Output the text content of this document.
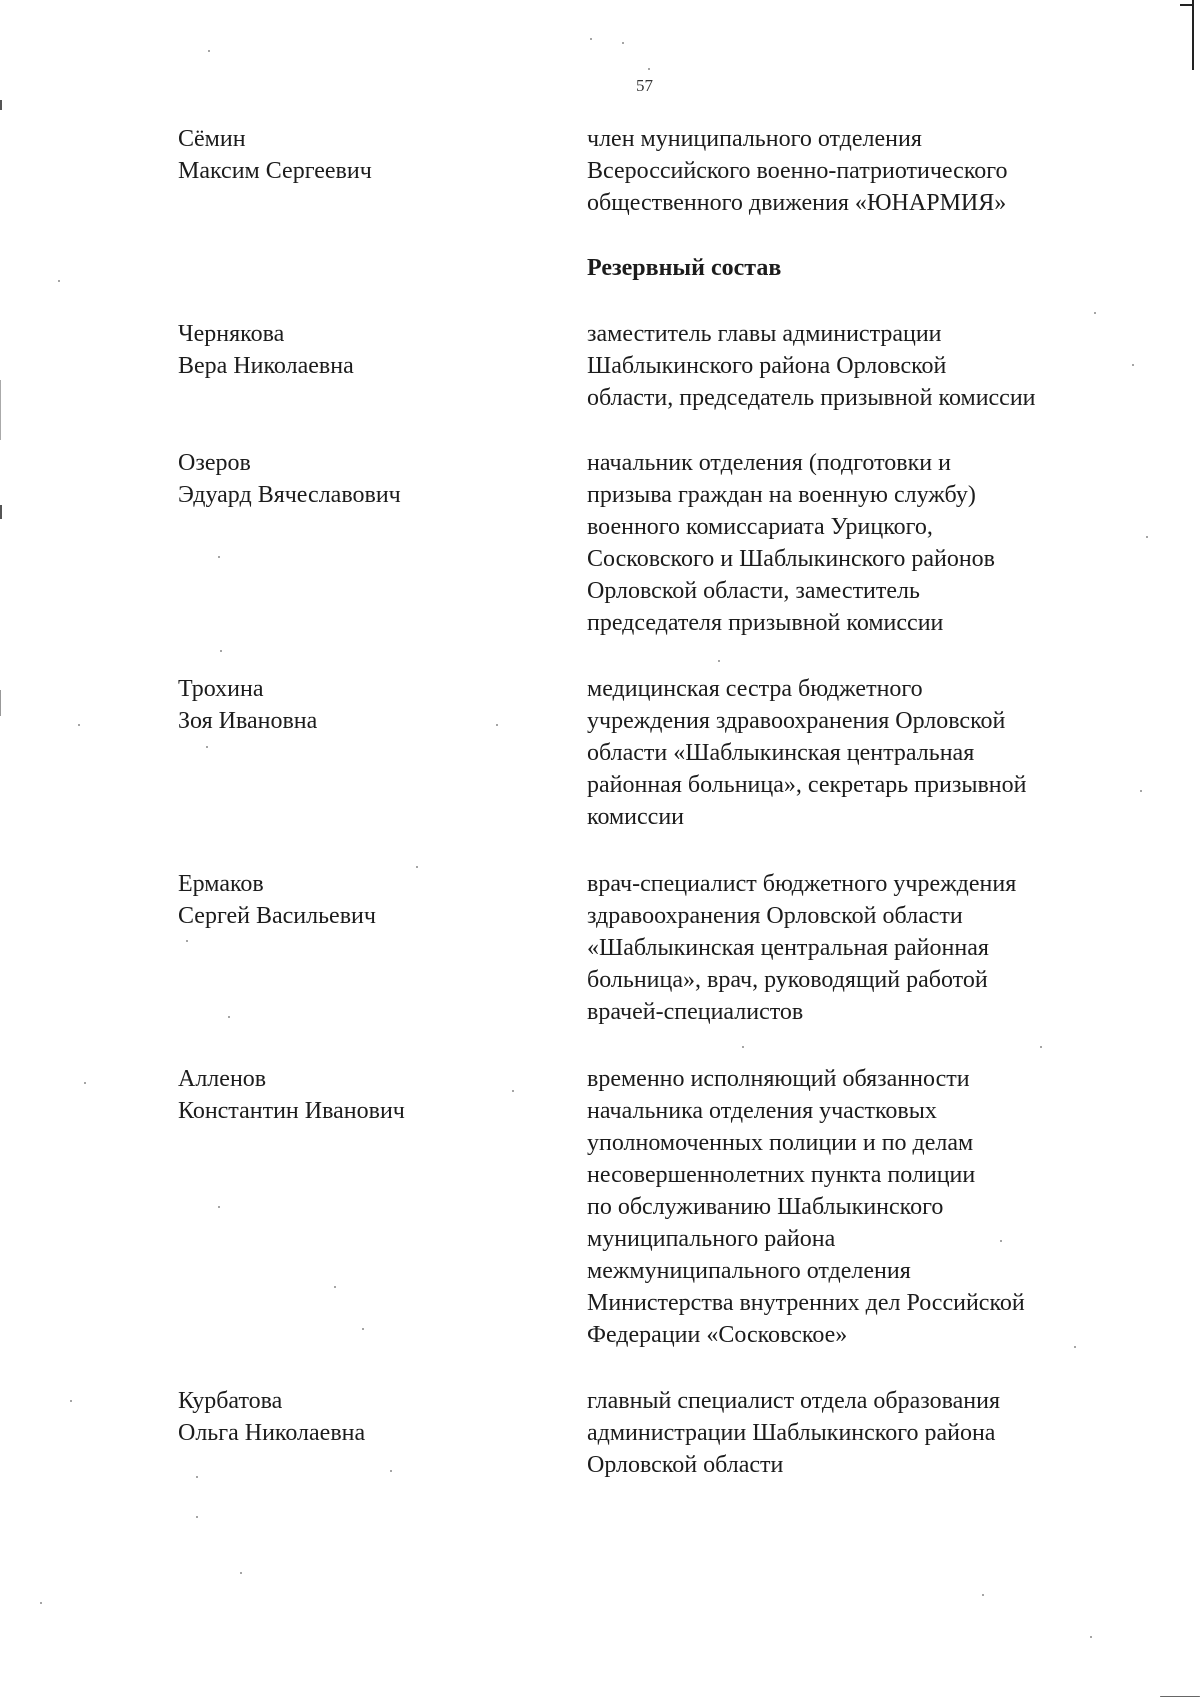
57
Сёмин
Максим Сергеевич
член муниципального отделения
Всероссийского военно-патриотического
общественного движения «ЮНАРМИЯ»
Резервный состав
Чернякова
Вера Николаевна
заместитель главы администрации
Шаблыкинского района Орловской
области, председатель призывной комиссии
Озеров
Эдуард Вячеславович
начальник отделения (подготовки и
призыва граждан на военную службу)
военного комиссариата Урицкого,
Сосковского и Шаблыкинского районов
Орловской области, заместитель
председателя призывной комиссии
Трохина
Зоя Ивановна
медицинская сестра бюджетного
учреждения здравоохранения Орловской
области «Шаблыкинская центральная
районная больница», секретарь призывной
комиссии
Ермаков
Сергей Васильевич
врач-специалист бюджетного учреждения
здравоохранения Орловской области
«Шаблыкинская центральная районная
больница», врач, руководящий работой
врачей-специалистов
Алленов
Константин Иванович
временно исполняющий обязанности
начальника отделения участковых
уполномоченных полиции и по делам
несовершеннолетних пункта полиции
по обслуживанию Шаблыкинского
муниципального района
межмуниципального отделения
Министерства внутренних дел Российской
Федерации «Сосковское»
Курбатова
Ольга Николаевна
главный специалист отдела образования
администрации Шаблыкинского района
Орловской области
